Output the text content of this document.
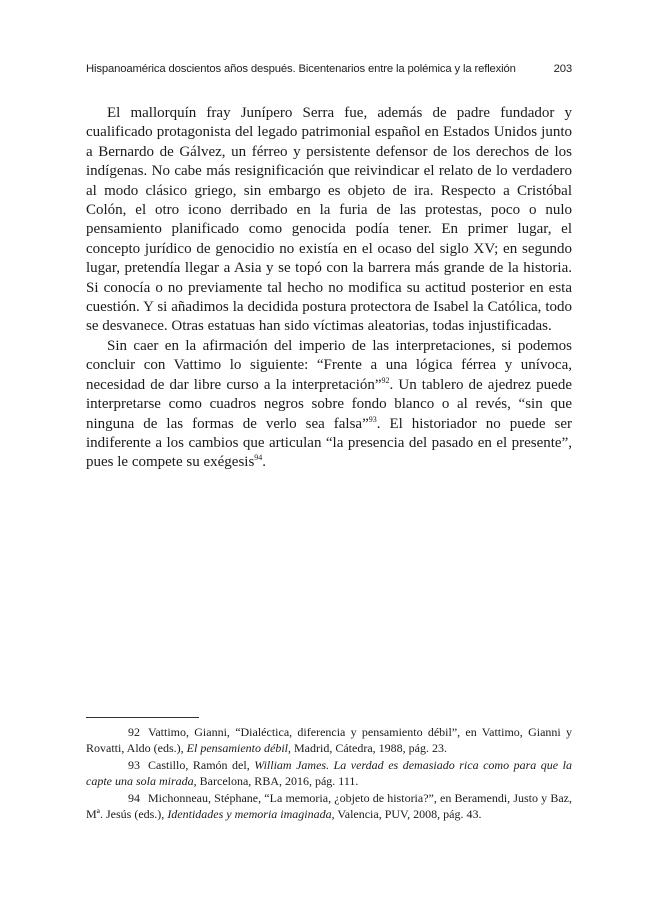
Hispanoamérica doscientos años después. Bicentenarios entre la polémica y la reflexión	203

El mallorquín fray Junípero Serra fue, además de padre fundador y cualificado protagonista del legado patrimonial español en Estados Unidos junto a Bernardo de Gálvez, un férreo y persistente defensor de los derechos de los indígenas. No cabe más resignificación que reivindicar el relato de lo verdadero al modo clásico griego, sin embargo es objeto de ira. Respecto a Cristóbal Colón, el otro icono derribado en la furia de las protestas, poco o nulo pensamiento planificado como genocida podía tener. En primer lugar, el concepto jurídico de genocidio no existía en el ocaso del siglo XV; en segundo lugar, pretendía llegar a Asia y se topó con la barrera más grande de la historia. Si conocía o no previamente tal hecho no modifica su actitud posterior en esta cuestión. Y si añadimos la decidida postura protectora de Isabel la Católica, todo se desvanece. Otras estatuas han sido víctimas aleatorias, todas injustificadas.

Sin caer en la afirmación del imperio de las interpretaciones, si podemos concluir con Vattimo lo siguiente: “Frente a una lógica férrea y unívoca, necesidad de dar libre curso a la interpretación”$^{92}$. Un tablero de ajedrez puede interpretarse como cuadros negros sobre fondo blanco o al revés, “sin que ninguna de las formas de verlo sea falsa”$^{93}$. El historiador no puede ser indiferente a los cambios que articulan “la presencia del pasado en el presente”, pues le compete su exégesis$^{94}$.

92 Vattimo, Gianni, “Dialéctica, diferencia y pensamiento débil”, en Vattimo, Gianni y Rovatti, Aldo (eds.), El pensamiento débil, Madrid, Cátedra, 1988, pág. 23.

93 Castillo, Ramón del, William James. La verdad es demasiado rica como para que la capte una sola mirada, Barcelona, RBA, 2016, pág. 111.

94 Michonneau, Stéphane, “La memoria, ¿objeto de historia?”, en Beramendi, Justo y Baz, Mª. Jesús (eds.), Identidades y memoria imaginada, Valencia, PUV, 2008, pág. 43.
